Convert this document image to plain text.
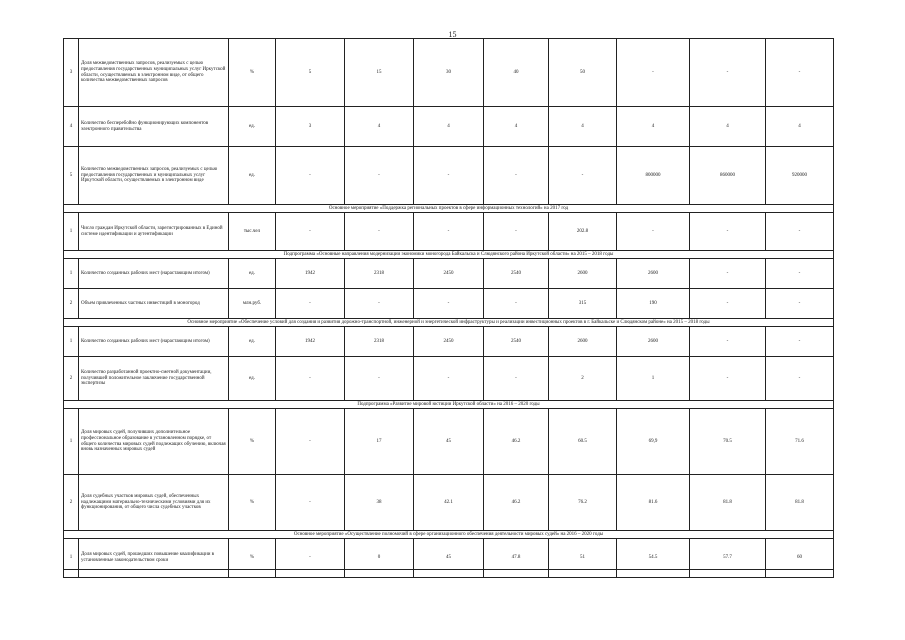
15
3	Доля межведомственных запросов, реализуемых с целью предоставления государственных муниципальных услуг Иркутской области, осуществляемых в электронном виде, от общего количества межведомственных запросов	%	5	15	30	40	50	-	-	-
4	Количество бесперебойно функционирующих компонентов электронного правительства	ед.	3	4	4	4	4	4	4	4
5	Количество межведомственных запросов, реализуемых с целью предоставления государственных и муниципальных услуг Иркутской области, осуществляемых в электронном виде	ед.	-	-	-	-	-	800000	860000	920000
Основное мероприятие «Поддержка региональных проектов в сфере информационных технологий» на 2017 год										
1	Число граждан Иркутской области, зарегистрированных в Единой системе идентификации и аутентификации	тыс.чел	-	-	-	-	202.8	-	-	-
Подпрограмма «Основные направления модернизации экономики моногорода Байкальска и Слюдянского района Иркутской области» на 2015 – 2018 годы										
1	Количество созданных рабочих мест (нарастающим итогом)	ед.	1942	2318	2450	2540	2600	2600	-	-
2	Объем привлеченных частных инвестиций в моногород	млн.руб.	-	-	-	-	315	190	-	-
Основное мероприятие «Обеспечение условий для создания и развития дорожно-транспортной, инженерной и энергетической инфраструктуры и реализации инвестиционных проектов в г. Байкальске и Слюдянском районе» на 2015 – 2018 годы										
1	Количество созданных рабочих мест (нарастающим итогом)	ед.	1942	2318	2450	2540	2600	2600	-	-
2	Количество разработанной проектно-сметной документации, получившей положительное заключение государственной экспертизы	ед.	-	-	-	-	2	1	-	-
Подпрограмма «Развитие мировой юстиции Иркутской области» на 2016 – 2020 годы										
1	Доля мировых судей, получивших дополнительное профессиональное образование в установленном порядке, от общего количества мировых судей подлежащих обучению, включая вновь назначенных мировых судей	%	-	17	45	46.2	60.5	69,9	70.5	71.6
2	Доля судебных участков мировых судей, обеспеченных надлежащими материально-техническими условиями для их функционирования, от общего числа судебных участков	%	-	38	42.1	46.2	76.2	81.6	81.8	81.8
Основное мероприятие «Осуществление полномочий в сфере организационного обеспечения деятельности мировых судей» на 2016 – 2020 годы										
1	Доля мировых судей, прошедших повышение квалификации в установленные законодательством сроки	%	-	0	45	47.8	51	54.5	57.7	60
